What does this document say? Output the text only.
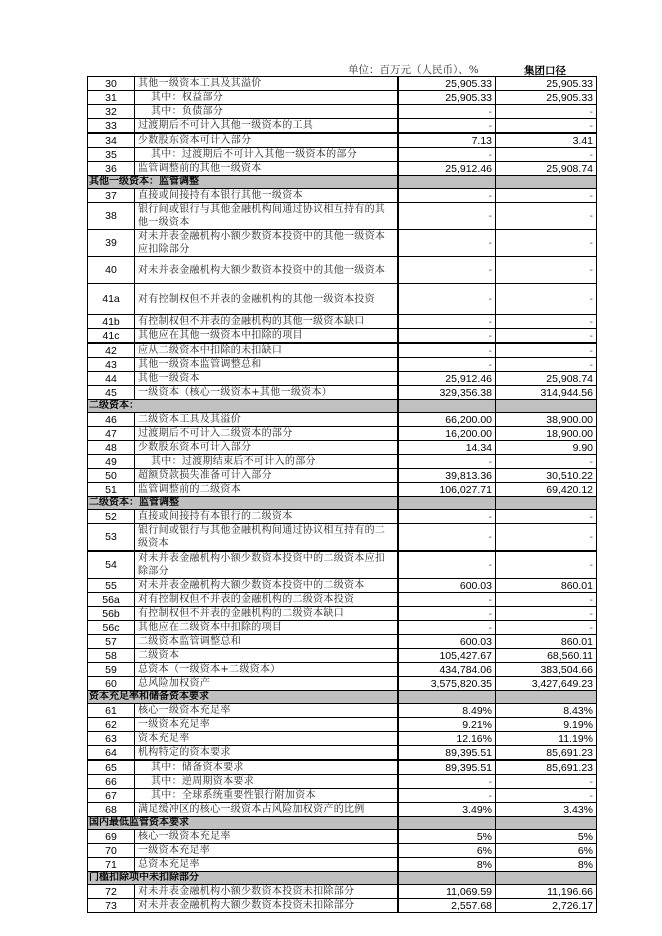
单位：百万元（人民币）、%	集团口径
30	其他一级资本工具及其溢价	25,905.33	25,905.33
31	其中：权益部分	25,905.33	25,905.33
32	其中：负债部分	-	-
33	过渡期后不可计入其他一级资本的工具	-	-
34	少数股东资本可计入部分	7.13	3.41
35	其中：过渡期后不可计入其他一级资本的部分	-	-
36	监管调整前的其他一级资本	25,912.46	25,908.74
其他一级资本：监管调整			
37	直接或间接持有本银行其他一级资本	-	-
38	银行间或银行与其他金融机构间通过协议相互持有的其他一级资本	-	-
39	对未并表金融机构小额少数资本投资中的其他一级资本应扣除部分	-	-
40	对未并表金融机构大额少数资本投资中的其他一级资本	-	-
41a	对有控制权但不并表的金融机构的其他一级资本投资	-	-
41b	有控制权但不并表的金融机构的其他一级资本缺口	-	-
41c	其他应在其他一级资本中扣除的项目	-	-
42	应从二级资本中扣除的未扣缺口	-	-
43	其他一级资本监管调整总和	-	-
44	其他一级资本	25,912.46	25,908.74
45	一级资本（核心一级资本+其他一级资本）	329,356.38	314,944.56
二级资本：			
46	二级资本工具及其溢价	66,200.00	38,900.00
47	过渡期后不可计入二级资本的部分	16,200.00	18,900.00
48	少数股东资本可计入部分	14.34	9.90
49	其中：过渡期结束后不可计入的部分	-	-
50	超额贷款损失准备可计入部分	39,813.36	30,510.22
51	监管调整前的二级资本	106,027.71	69,420.12
二级资本：监管调整			
52	直接或间接持有本银行的二级资本	-	-
53	银行间或银行与其他金融机构间通过协议相互持有的二级资本	-	-
54	对未并表金融机构小额少数资本投资中的二级资本应扣除部分	-	-
55	对未并表金融机构大额少数资本投资中的二级资本	600.03	860.01
56a	对有控制权但不并表的金融机构的二级资本投资	-	-
56b	有控制权但不并表的金融机构的二级资本缺口	-	-
56c	其他应在二级资本中扣除的项目	-	-
57	二级资本监管调整总和	600.03	860.01
58	二级资本	105,427.67	68,560.11
59	总资本（一级资本+二级资本）	434,784.06	383,504.66
60	总风险加权资产	3,575,820.35	3,427,649.23
资本充足率和储备资本要求			
61	核心一级资本充足率	8.49%	8.43%
62	一级资本充足率	9.21%	9.19%
63	资本充足率	12.16%	11.19%
64	机构特定的资本要求	89,395.51	85,691.23
65	其中：储备资本要求	89,395.51	85,691.23
66	其中：逆周期资本要求	-	-
67	其中：全球系统重要性银行附加资本	-	-
68	满足缓冲区的核心一级资本占风险加权资产的比例	3.49%	3.43%
国内最低监管资本要求			
69	核心一级资本充足率	5%	5%
70	一级资本充足率	6%	6%
71	总资本充足率	8%	8%
门槛扣除项中未扣除部分			
72	对未并表金融机构小额少数资本投资未扣除部分	11,069.59	11,196.66
73	对未并表金融机构大额少数资本投资未扣除部分	2,557.68	2,726.17
